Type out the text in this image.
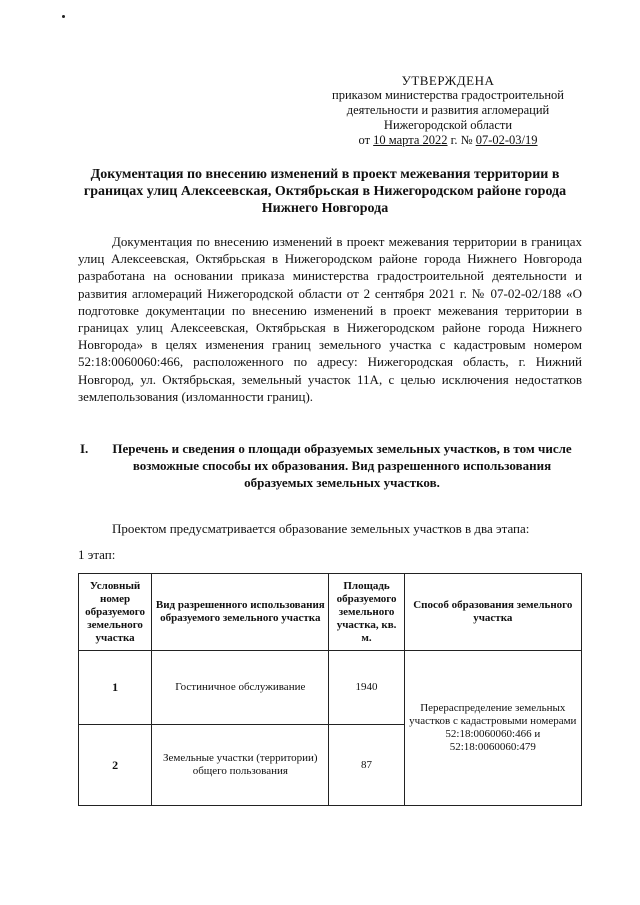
УТВЕРЖДЕНА
приказом министерства градостроительной
деятельности и развития агломераций
Нижегородской области
от 10 марта 2022 г. № 07-02-03/19
Документация по внесению изменений в проект межевания территории в границах улиц Алексеевская, Октябрьская в Нижегородском районе города Нижнего Новгорода
Документация по внесению изменений в проект межевания территории в границах улиц Алексеевская, Октябрьская в Нижегородском районе города Нижнего Новгорода разработана на основании приказа министерства градостроительной деятельности и развития агломераций Нижегородской области от 2 сентября 2021 г. № 07-02-02/188 «О подготовке документации по внесению изменений в проект межевания территории в границах улиц Алексеевская, Октябрьская в Нижегородском районе города Нижнего Новгорода» в целях изменения границ земельного участка с кадастровым номером 52:18:0060060:466, расположенного по адресу: Нижегородская область, г. Нижний Новгород, ул. Октябрьская, земельный участок 11А, с целью исключения недостатков землепользования (изломанности границ).
I.	Перечень и сведения о площади образуемых земельных участков, в том числе возможные способы их образования. Вид разрешенного использования образуемых земельных участков.
Проектом предусматривается образование земельных участков в два этапа:
1 этап:
Условный номер образуемого земельного участка	Вид разрешенного использования образуемого земельного участка	Площадь образуемого земельного участка, кв. м.	Способ образования земельного участка
1	Гостиничное обслуживание	1940	Перераспределение земельных участков с кадастровыми номерами 52:18:0060060:466 и 52:18:0060060:479
2	Земельные участки (территории) общего пользования	87	
